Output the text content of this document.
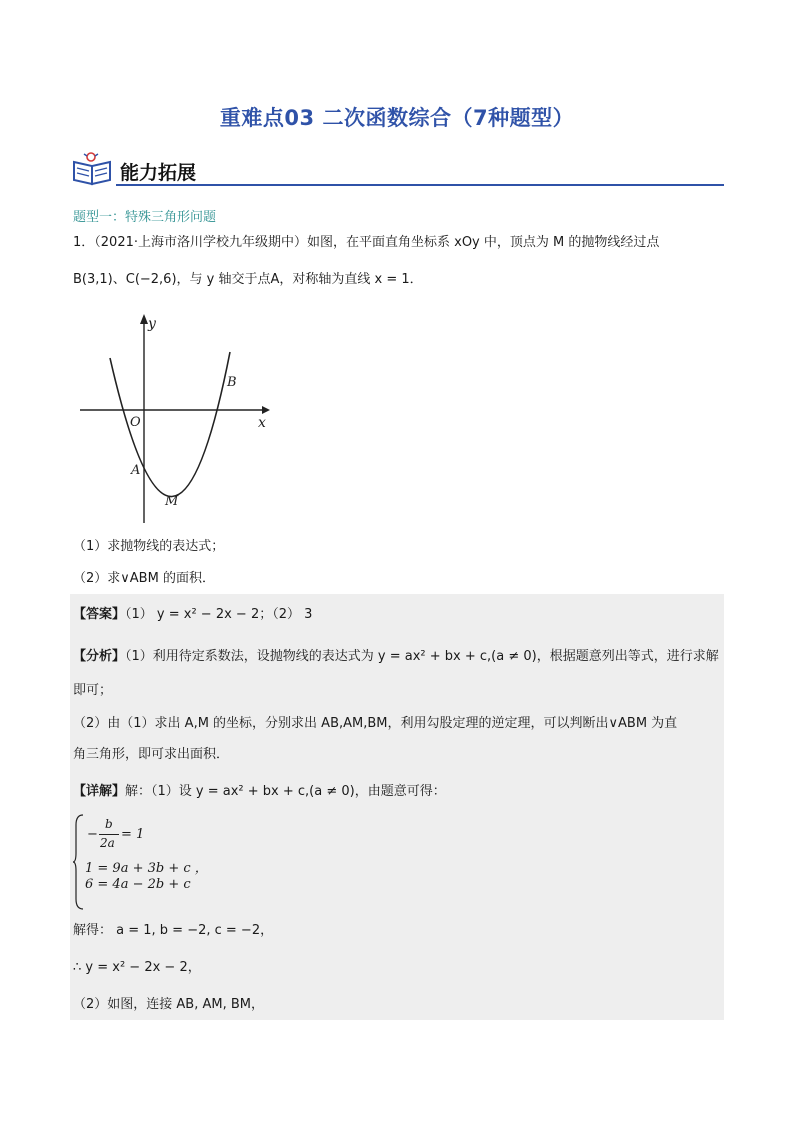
重难点03 二次函数综合（7种题型）
能力拓展
题型一：特殊三角形问题
1．（2021·上海市洛川学校九年级期中）如图，在平面直角坐标系 xOy 中，顶点为 M 的抛物线经过点
B(3,1)、C(−2,6)，与 y 轴交于点A，对称轴为直线 x = 1．
y
x
O
A
B
M
（1）求抛物线的表达式；
（2）求∨ABM 的面积．
【答案】（1） y = x² − 2x − 2；（2） 3
【分析】（1）利用待定系数法，设抛物线的表达式为 y = ax² + bx + c,(a ≠ 0)，根据题意列出等式，进行求解
即可；
（2）由（1）求出 A,M 的坐标，分别求出 AB,AM,BM，利用勾股定理的逆定理，可以判断出∨ABM 为直
角三角形，即可求出面积．
【详解】解：（1）设 y = ax² + bx + c,(a ≠ 0)，由题意可得：
−
b
2a
= 1
1 = 9a + 3b + c ，
6 = 4a − 2b + c
解得： a = 1, b = −2, c = −2，
∴ y = x² − 2x − 2，
（2）如图，连接 AB, AM, BM，
